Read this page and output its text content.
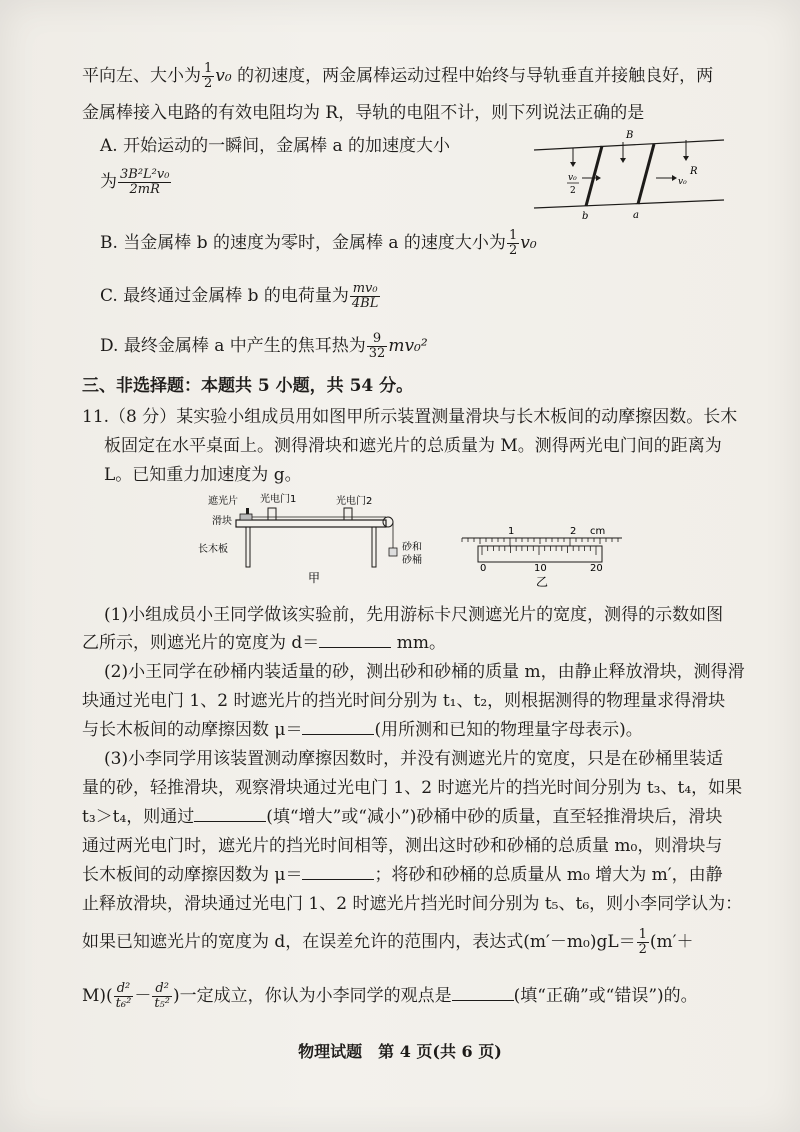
平向左、大小为 $\frac{1}{2} v_0$ 的初速度，两金属棒运动过程中始终与导轨垂直并接触良好，两
金属棒接入电路的有效电阻均为 R，导轨的电阻不计，则下列说法正确的是
A. 开始运动的一瞬间，金属棒 a 的加速度大小
为 $\frac{\text{3B²L²v₀}}{2mR}$
B. 当金属棒 b 的速度为零时，金属棒 a 的速度大小为 $\frac{1}{2} v_0$
C. 最终通过金属棒 b 的电荷量为 $\frac{\text{mv₀}}{4BL}$
D. 最终金属棒 a 中产生的焦耳热为 $\frac{9}{32} mv_0^2$
B
R
v₀
v₀
2
b	a
三、非选择题：本题共 5 小题，共 54 分。
11.（8 分）某实验小组成员用如图甲所示装置测量滑块与长木板间的动摩擦因数。长木
板固定在水平桌面上。测得滑块和遮光片的总质量为 M。测得两光电门间的距离为
L。已知重力加速度为 g。
遮光片 光电门1	光电门2
滑块
长木板	砂和
砂桶
甲
1	2 cm
0	10	20
乙
(1)小组成员小王同学做该实验前，先用游标卡尺测遮光片的宽度，测得的示数如图
乙所示，则遮光片的宽度为 d＝	mm。
(2)小王同学在砂桶内装适量的砂，测出砂和砂桶的质量 m，由静止释放滑块，测得滑
块通过光电门 1、2 时遮光片的挡光时间分别为 t₁、t₂，则根据测得的物理量求得滑块
与长木板间的动摩擦因数 μ＝	(用所测和已知的物理量字母表示)。
(3)小李同学用该装置测动摩擦因数时，并没有测遮光片的宽度，只是在砂桶里装适
量的砂，轻推滑块，观察滑块通过光电门 1、2 时遮光片的挡光时间分别为 t₃、t₄，如果
t₃＞t₄，则通过	(填“增大”或“减小”)砂桶中砂的质量，直至轻推滑块后，滑块
通过两光电门时，遮光片的挡光时间相等，测出这时砂和砂桶的总质量 m₀，则滑块与
长木板间的动摩擦因数为 μ＝	；将砂和砂桶的总质量从 m₀ 增大为 m′，由静
止释放滑块，滑块通过光电门 1、2 时遮光片挡光时间分别为 t₅、t₆，则小李同学认为：
如果已知遮光片的宽度为 d，在误差允许的范围内，表达式$(m'-m_0)gL= \frac{1}{2} (m'+$
$M)( \frac{\text{d²}}{\text{t₆²}} - \frac{\text{d²}}{\text{t₅²}}$ )一定成立，你认为小李同学的观点是	(填“正确”或“错误”)的。
物理试题　第 4 页(共 6 页)
